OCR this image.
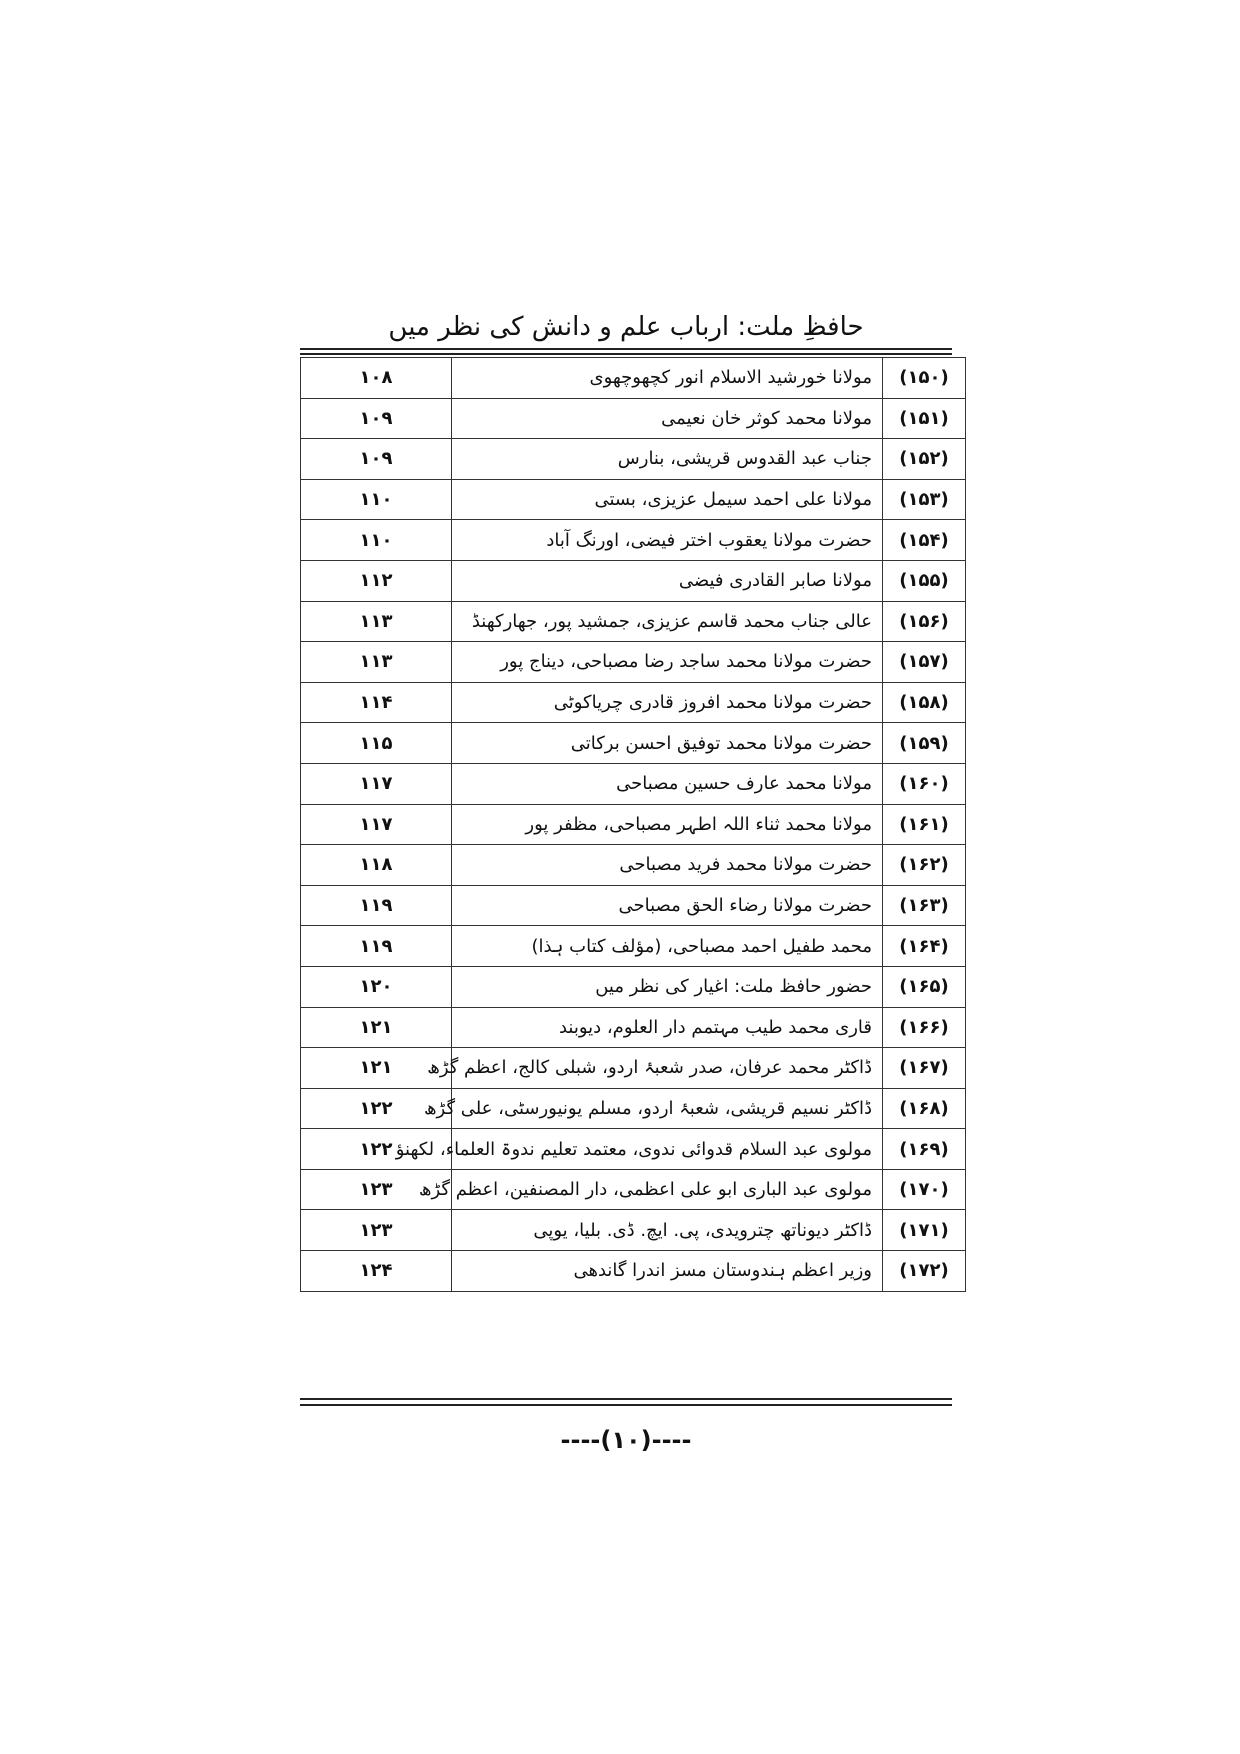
حافظِ ملت: ارباب علم و دانش کی نظر میں
(۱۵۰)	مولانا خورشید الاسلام انور کچھوچھوی	۱۰۸
(۱۵۱)	مولانا محمد کوثر خان نعیمی	۱۰۹
(۱۵۲)	جناب عبد القدوس قریشی، بنارس	۱۰۹
(۱۵۳)	مولانا علی احمد سیمل عزیزی، بستی	۱۱۰
(۱۵۴)	حضرت مولانا یعقوب اختر فیضی، اورنگ آباد	۱۱۰
(۱۵۵)	مولانا صابر القادری فیضی	۱۱۲
(۱۵۶)	عالی جناب محمد قاسم عزیزی، جمشید پور، جھارکھنڈ	۱۱۳
(۱۵۷)	حضرت مولانا محمد ساجد رضا مصباحی، دیناج پور	۱۱۳
(۱۵۸)	حضرت مولانا محمد افروز قادری چریاکوٹی	۱۱۴
(۱۵۹)	حضرت مولانا محمد توفیق احسن برکاتی	۱۱۵
(۱۶۰)	مولانا محمد عارف حسین مصباحی	۱۱۷
(۱۶۱)	مولانا محمد ثناء اللہ اطہر مصباحی، مظفر پور	۱۱۷
(۱۶۲)	حضرت مولانا محمد فرید مصباحی	۱۱۸
(۱۶۳)	حضرت مولانا رضاء الحق مصباحی	۱۱۹
(۱۶۴)	محمد طفیل احمد مصباحی، (مؤلف کتاب ہذا)	۱۱۹
(۱۶۵)	حضور حافظ ملت: اغیار کی نظر میں	۱۲۰
(۱۶۶)	قاری محمد طیب مہتمم دار العلوم، دیوبند	۱۲۱
(۱۶۷)	ڈاکٹر محمد عرفان، صدر شعبۂ اردو، شبلی کالج، اعظم گڑھ	۱۲۱
(۱۶۸)	ڈاکٹر نسیم قریشی، شعبۂ اردو، مسلم یونیورسٹی، علی گڑھ	۱۲۲
(۱۶۹)	مولوی عبد السلام قدوائی ندوی، معتمد تعلیم ندوۃ العلماء، لکھنؤ	۱۲۲
(۱۷۰)	مولوی عبد الباری ابو علی اعظمی، دار المصنفین، اعظم گڑھ	۱۲۳
(۱۷۱)	ڈاکٹر دیوناتھ چترویدی، پی. ایچ. ڈی. بلیا، یوپی	۱۲۳
(۱۷۲)	وزیر اعظم ہندوستان مسز اندرا گاندھی	۱۲۴
----(۱۰)----
